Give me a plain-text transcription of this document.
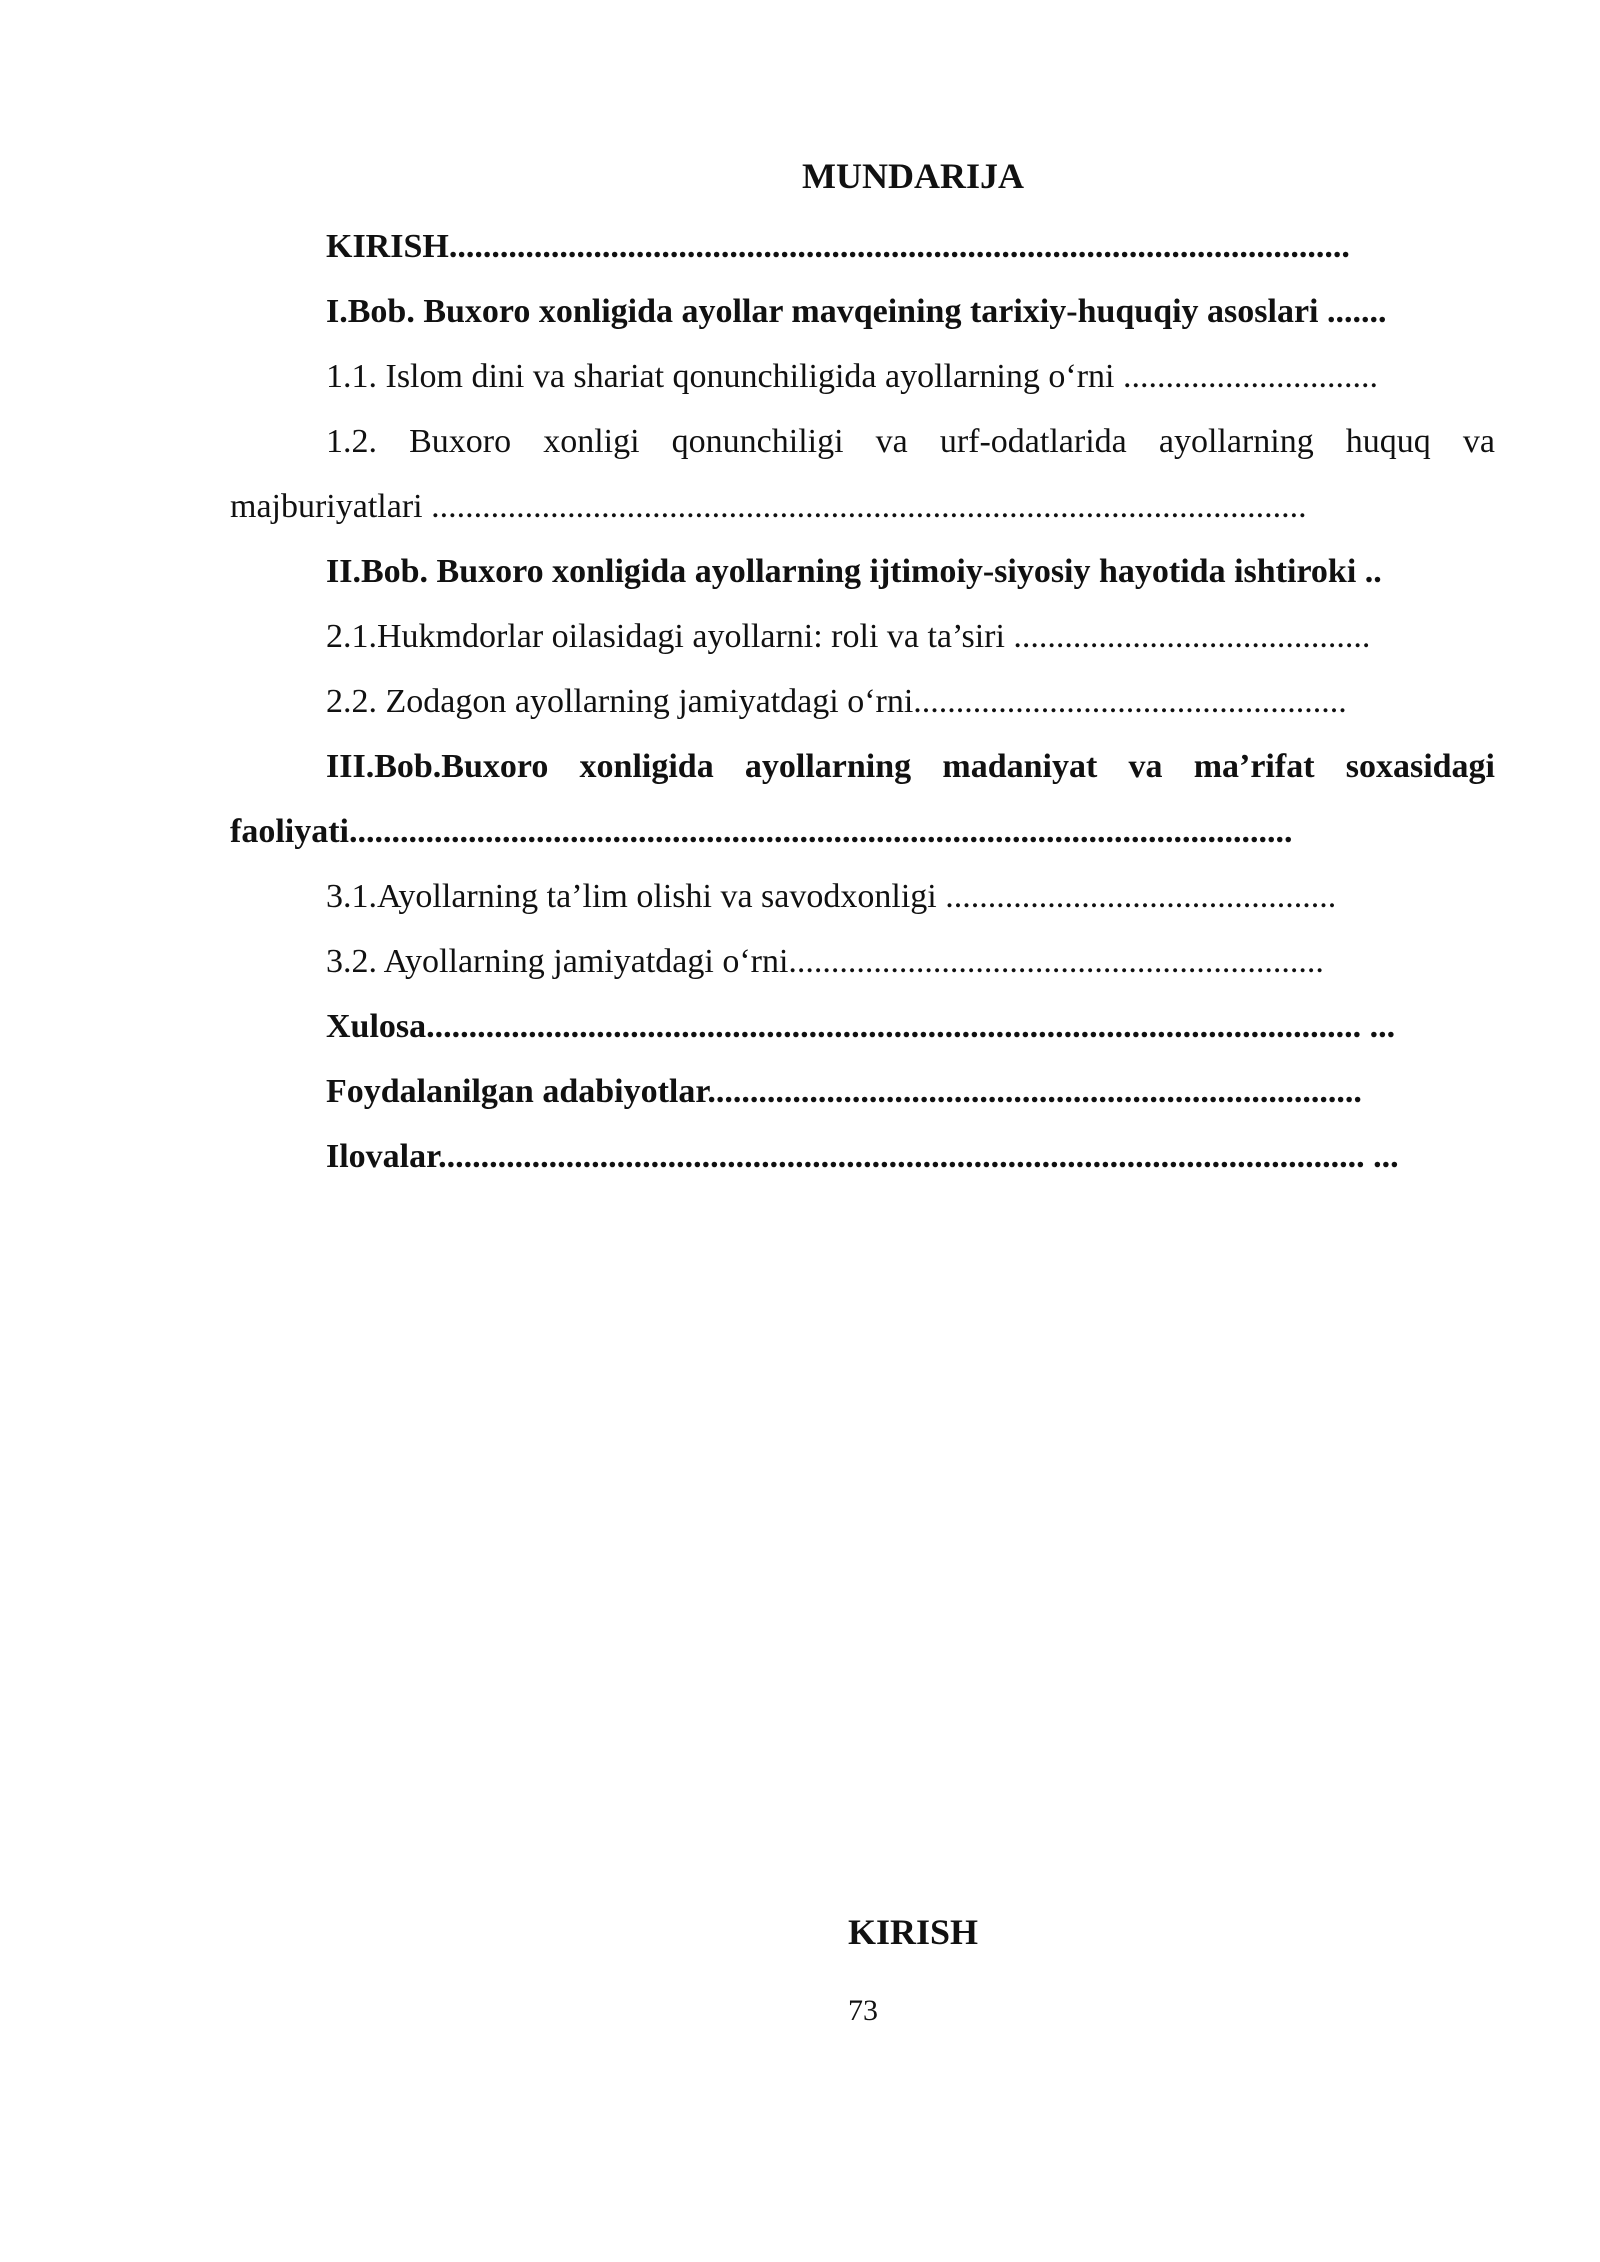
MUNDARIJA

KIRISH..........................................................................................................

I.Bob. Buxoro xonligida ayollar mavqeining tarixiy-huquqiy asoslari .......

1.1. Islom dini va shariat qonunchiligida ayollarning o‘rni ..............................

1.2. Buxoro xonligi qonunchiligi va urf-odatlarida ayollarning huquq va majburiyatlari .......................................................................................................

II.Bob. Buxoro xonligida ayollarning ijtimoiy-siyosiy hayotida ishtiroki ..

2.1.Hukmdorlar oilasidagi ayollarni: roli va ta’siri ..........................................

2.2. Zodagon ayollarning jamiyatdagi o‘rni...................................................

III.Bob.Buxoro xonligida ayollarning madaniyat va ma’rifat soxasidagi faoliyati...............................................................................................................

3.1.Ayollarning ta’lim olishi va savodxonligi ..............................................

3.2. Ayollarning jamiyatdagi o‘rni...............................................................

Xulosa.............................................................................................................. ...

Foydalanilgan adabiyotlar.............................................................................

Ilovalar............................................................................................................. ...

KIRISH
73
